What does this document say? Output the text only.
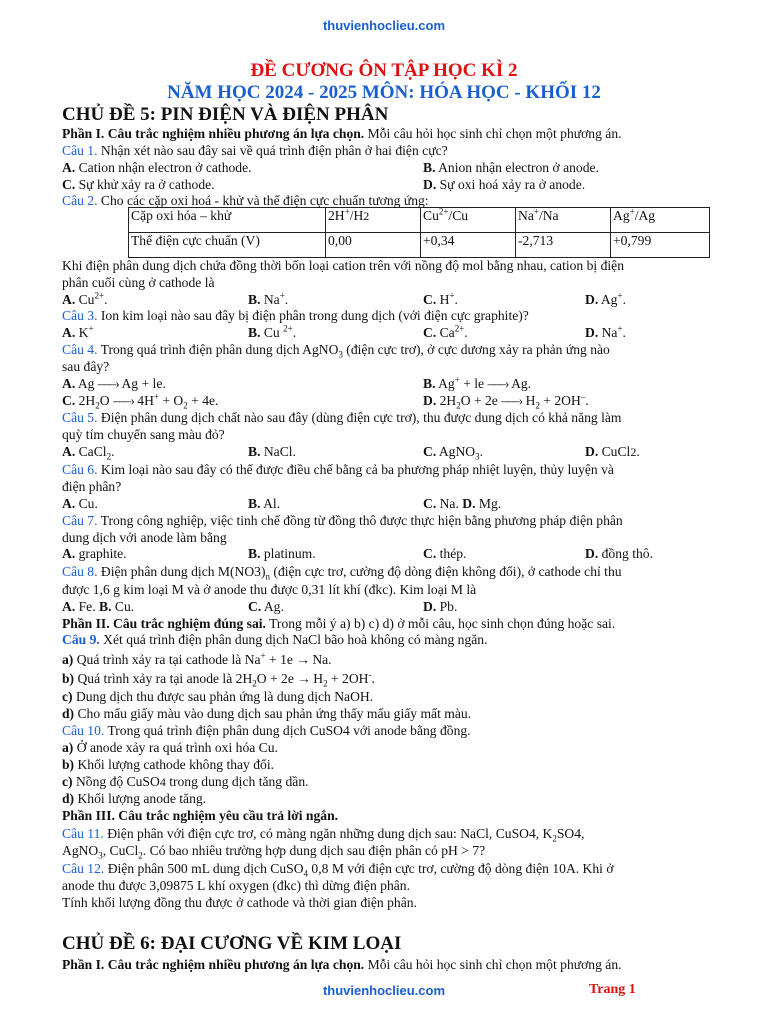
thuvienhoclieu.com
ĐỀ CƯƠNG ÔN TẬP HỌC KÌ 2
NĂM HỌC 2024 - 2025 MÔN: HÓA HỌC - KHỐI 12
CHỦ ĐỀ 5: PIN ĐIỆN VÀ ĐIỆN PHÂN
Phần I. Câu trắc nghiệm nhiều phương án lựa chọn. Mỗi câu hỏi học sinh chỉ chọn một phương án.
Câu 1. Nhận xét nào sau đây sai về quá trình điện phân ở hai điện cực?
A. Cation nhận electron ở cathode.	B. Anion nhận electron ở anode.
C. Sự khử xảy ra ở cathode.	D. Sự oxi hoá xảy ra ở anode.
Câu 2. Cho các cặp oxi hoá - khử và thế điện cực chuẩn tương ứng:
Cặp oxi hóa – khử	2H+/H2	$Cu^{2+}/Cu$	Na+/Na	Ag+/Ag
Thế điện cực chuẩn (V)	0,00	+0,34	-2,713	+0,799
Khi điện phân dung dịch chứa đồng thời bốn loại cation trên với nồng độ mol bằng nhau, cation bị điện
phân cuối cùng ở cathode là
A. $Cu^{2+}$.	B. Na+.	C. H+.	D. Ag+.
Câu 3. Ion kim loại nào sau đây bị điện phân trong dung dịch (với điện cực graphite)?
A. K+	B. Cu $^{2+}$.	C. $Ca^{2+}$.	D. Na+.
Câu 4. Trong quá trình điện phân dung dịch AgNO$_3$ (điện cực trơ), ở cực dương xảy ra phản ứng nào
sau đây?
A. Ag –––› Ag + le.	B. Ag+ + le –––› Ag.
C. $2H_2O$ –––› $4H^+ + O_2 + 4e$.	D. $2H_2O + 2e$ –––› $H_2 + 2OH^-$.
Câu 5. Điện phân dung dịch chất nào sau đây (dùng điện cực trơ), thu được dung dịch có khả năng làm
quỳ tím chuyển sang màu đỏ?
A. CaCl$_2$.	B. NaCl.	C. AgNO$_3$.	D. CuCl2.
Câu 6. Kim loại nào sau đây có thể được điều chế bằng cả ba phương pháp nhiệt luyện, thủy luyện và
điện phân?
A. Cu.	B. Al.	C. Na. D. Mg.
Câu 7. Trong công nghiệp, việc tinh chế đồng từ đồng thô được thực hiện bằng phương pháp điện phân
dung dịch với anode làm bằng
A. graphite.	B. platinum.	C. thép.	D. đồng thô.
Câu 8. Điện phân dung dịch $M(NO3)_n$ (điện cực trơ, cường độ dòng điện không đổi), ở cathode chỉ thu
được 1,6 g kim loại M và ở anode thu được 0,31 lít khí (đkc). Kim loại M là
A. Fe. B. Cu.	C. Ag.	D. Pb.
Phần II. Câu trắc nghiệm đúng sai. Trong mỗi ý a) b) c) d) ở mỗi câu, học sinh chọn đúng hoặc sai.
Câu 9. Xét quá trình điện phân dung dịch NaCl bão hoà không có màng ngăn.
a) Quá trình xảy ra tại cathode là Na+ + 1e → Na.
b) Quá trình xảy ra tại anode là $2H_2O + 2e \to H_2 + 2OH^-$.
c) Dung dịch thu được sau phản ứng là dung dịch NaOH.
d) Cho mẩu giấy màu vào dung dịch sau phản ứng thấy mẩu giấy mất màu.
Câu 10. Trong quá trình điện phân dung dịch CuSO4 với anode bằng đồng.
a) Ở anode xảy ra quá trình oxi hóa Cu.
b) Khối lượng cathode không thay đổi.
c) Nồng độ CuSO4 trong dung dịch tăng dần.
d) Khối lượng anode tăng.
Phần III. Câu trắc nghiệm yêu cầu trả lời ngắn.
Câu 11. Điện phân với điện cực trơ, có màng ngăn những dung dịch sau: NaCl, CuSO4, $K_2SO4$,
AgNO$_3$, CuCl$_2$. Có bao nhiêu trường hợp dung dịch sau điện phân có pH > 7?
Câu 12. Điện phân 500 mL dung dịch CuSO$_4$ 0,8 M với điện cực trơ, cường độ dòng điện 10A. Khi ở
anode thu được 3,09875 L khí oxygen (đkc) thì dừng điện phân.
Tính khối lượng đồng thu được ở cathode và thời gian điện phân.
CHỦ ĐỀ 6: ĐẠI CƯƠNG VỀ KIM LOẠI
Phần I. Câu trắc nghiệm nhiều phương án lựa chọn. Mỗi câu hỏi học sinh chỉ chọn một phương án.
thuvienhoclieu.com	Trang 1
